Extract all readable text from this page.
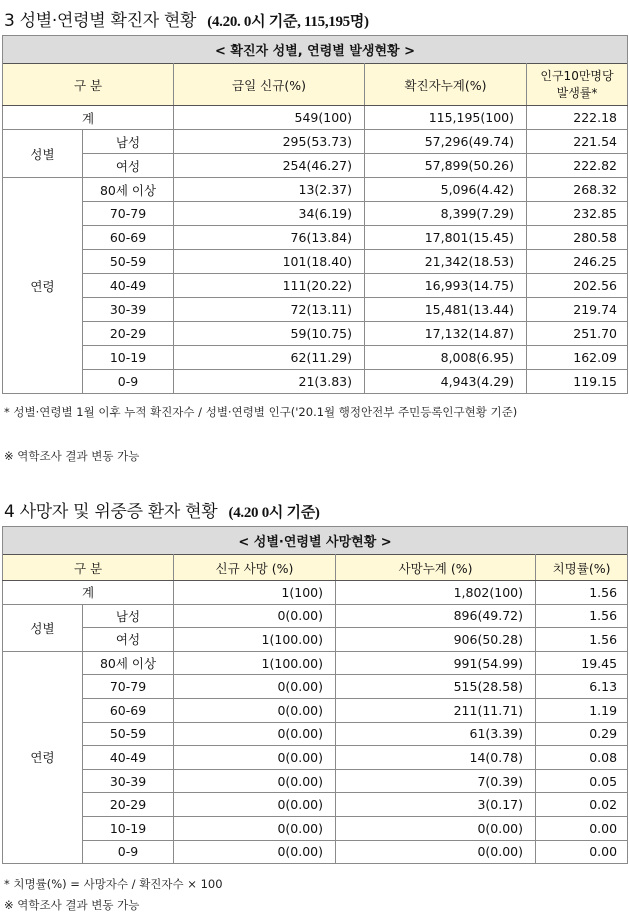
3 성별·연령별 확진자 현황 (4.20. 0시 기준, 115,195명)
< 확진자 성별, 연령별 발생현황 >				
구 분		금일 신규(%)	확진자누계(%)	인구10만명당
발생률*
계		549(100)	115,195(100)	222.18
성별	남성	295(53.73)	57,296(49.74)	221.54
	여성	254(46.27)	57,899(50.26)	222.82
연령	80세 이상	13(2.37)	5,096(4.42)	268.32
	70-79	34(6.19)	8,399(7.29)	232.85
	60-69	76(13.84)	17,801(15.45)	280.58
	50-59	101(18.40)	21,342(18.53)	246.25
	40-49	111(20.22)	16,993(14.75)	202.56
	30-39	72(13.11)	15,481(13.44)	219.74
	20-29	59(10.75)	17,132(14.87)	251.70
	10-19	62(11.29)	8,008(6.95)	162.09
	0-9	21(3.83)	4,943(4.29)	119.15
* 성별·연령별 1월 이후 누적 확진자수 / 성별·연령별 인구('20.1월 행정안전부 주민등록인구현황 기준)
※ 역학조사 결과 변동 가능
4 사망자 및 위중증 환자 현황 (4.20 0시 기준)
< 성별·연령별 사망현황 >				
구 분		신규 사망 (%)	사망누계 (%)	치명률(%)
계		1(100)	1,802(100)	1.56
성별	남성	0(0.00)	896(49.72)	1.56
	여성	1(100.00)	906(50.28)	1.56
연령	80세 이상	1(100.00)	991(54.99)	19.45
	70-79	0(0.00)	515(28.58)	6.13
	60-69	0(0.00)	211(11.71)	1.19
	50-59	0(0.00)	61(3.39)	0.29
	40-49	0(0.00)	14(0.78)	0.08
	30-39	0(0.00)	7(0.39)	0.05
	20-29	0(0.00)	3(0.17)	0.02
	10-19	0(0.00)	0(0.00)	0.00
	0-9	0(0.00)	0(0.00)	0.00
* 치명률(%) = 사망자수 / 확진자수 × 100
※ 역학조사 결과 변동 가능
